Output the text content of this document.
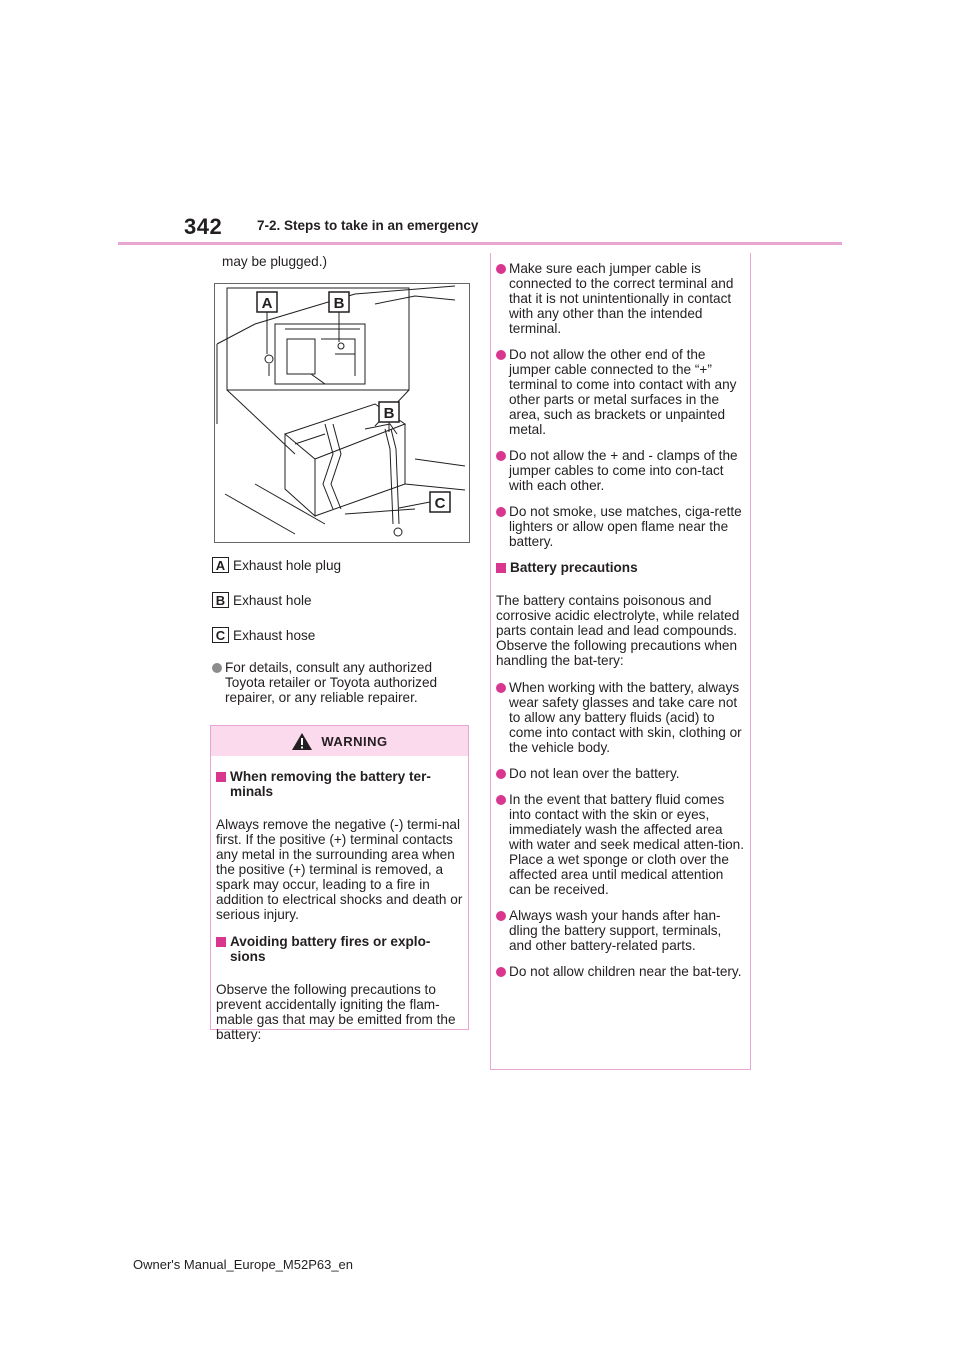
342	7-2. Steps to take in an emergency

may be plugged.)

A	B
B
C
A Exhaust hole plug
B Exhaust hole
C Exhaust hose
For details, consult any authorized Toyota retailer or Toyota authorized repairer, or any reliable repairer.
WARNING
When removing the battery ter-minals

Always remove the negative (-) termi-nal first. If the positive (+) terminal contacts any metal in the surrounding area when the positive (+) terminal is removed, a spark may occur, leading to a fire in addition to electrical shocks and death or serious injury.

Avoiding battery fires or explo-sions

Observe the following precautions to prevent accidentally igniting the flam-mable gas that may be emitted from the battery:

Make sure each jumper cable is connected to the correct terminal and that it is not unintentionally in contact with any other than the intended terminal.
Do not allow the other end of the jumper cable connected to the “+” terminal to come into contact with any other parts or metal surfaces in the area, such as brackets or unpainted metal.
Do not allow the + and - clamps of the jumper cables to come into con-tact with each other.
Do not smoke, use matches, ciga-rette lighters or allow open flame near the battery.
Battery precautions

The battery contains poisonous and corrosive acidic electrolyte, while related parts contain lead and lead compounds. Observe the following precautions when handling the bat-tery:

When working with the battery, always wear safety glasses and take care not to allow any battery fluids (acid) to come into contact with skin, clothing or the vehicle body.
Do not lean over the battery.
In the event that battery fluid comes into contact with the skin or eyes, immediately wash the affected area with water and seek medical atten-tion. Place a wet sponge or cloth over the affected area until medical attention can be received.
Always wash your hands after han-dling the battery support, terminals, and other battery-related parts.
Do not allow children near the bat-tery.
Owner's Manual_Europe_M52P63_en
